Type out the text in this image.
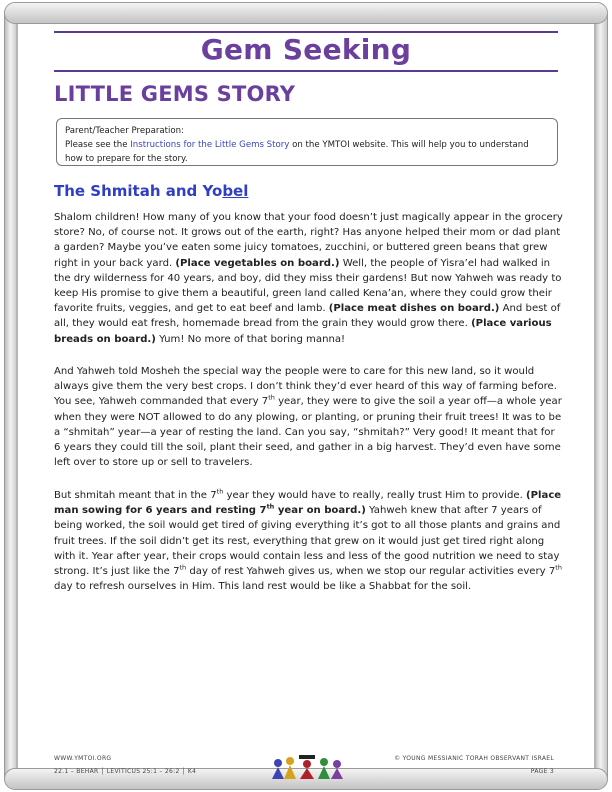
Gem Seeking
LITTLE GEMS STORY
Parent/Teacher Preparation:
Please see the Instructions for the Little Gems Story on the YMTOI website. This will help you to understand how to prepare for the story.
The Shmitah and Yobel
Shalom children! How many of you know that your food doesn’t just magically appear in the grocery store? No, of course not. It grows out of the earth, right? Has anyone helped their mom or dad plant a garden? Maybe you’ve eaten some juicy tomatoes, zucchini, or buttered green beans that grew right in your back yard. (Place vegetables on board.) Well, the people of Yisra’el had walked in the dry wilderness for 40 years, and boy, did they miss their gardens! But now Yahweh was ready to keep His promise to give them a beautiful, green land called Kena’an, where they could grow their favorite fruits, veggies, and get to eat beef and lamb. (Place meat dishes on board.) And best of all, they would eat fresh, homemade bread from the grain they would grow there. (Place various breads on board.) Yum! No more of that boring manna!
And Yahweh told Mosheh the special way the people were to care for this new land, so it would always give them the very best crops. I don’t think they’d ever heard of this way of farming before. You see, Yahweh commanded that every 7th year, they were to give the soil a year off—a whole year when they were NOT allowed to do any plowing, or planting, or pruning their fruit trees! It was to be a “shmitah” year—a year of resting the land. Can you say, “shmitah?” Very good! It meant that for 6 years they could till the soil, plant their seed, and gather in a big harvest. They’d even have some left over to store up or sell to travelers.
But shmitah meant that in the 7th year they would have to really, really trust Him to provide. (Place man sowing for 6 years and resting 7th year on board.) Yahweh knew that after 7 years of being worked, the soil would get tired of giving everything it’s got to all those plants and grains and fruit trees. If the soil didn’t get its rest, everything that grew on it would just get tired right along with it. Year after year, their crops would contain less and less of the good nutrition we need to stay strong. It’s just like the 7th day of rest Yahweh gives us, when we stop our regular activities every 7th day to refresh ourselves in Him. This land rest would be like a Shabbat for the soil.
WWW.YMTOI.ORG
22.1 – BEHAR │ LEVITICUS 25:1 – 26:2 │ K4
© YOUNG MESSIANIC TORAH OBSERVANT ISRAEL
PAGE 3
